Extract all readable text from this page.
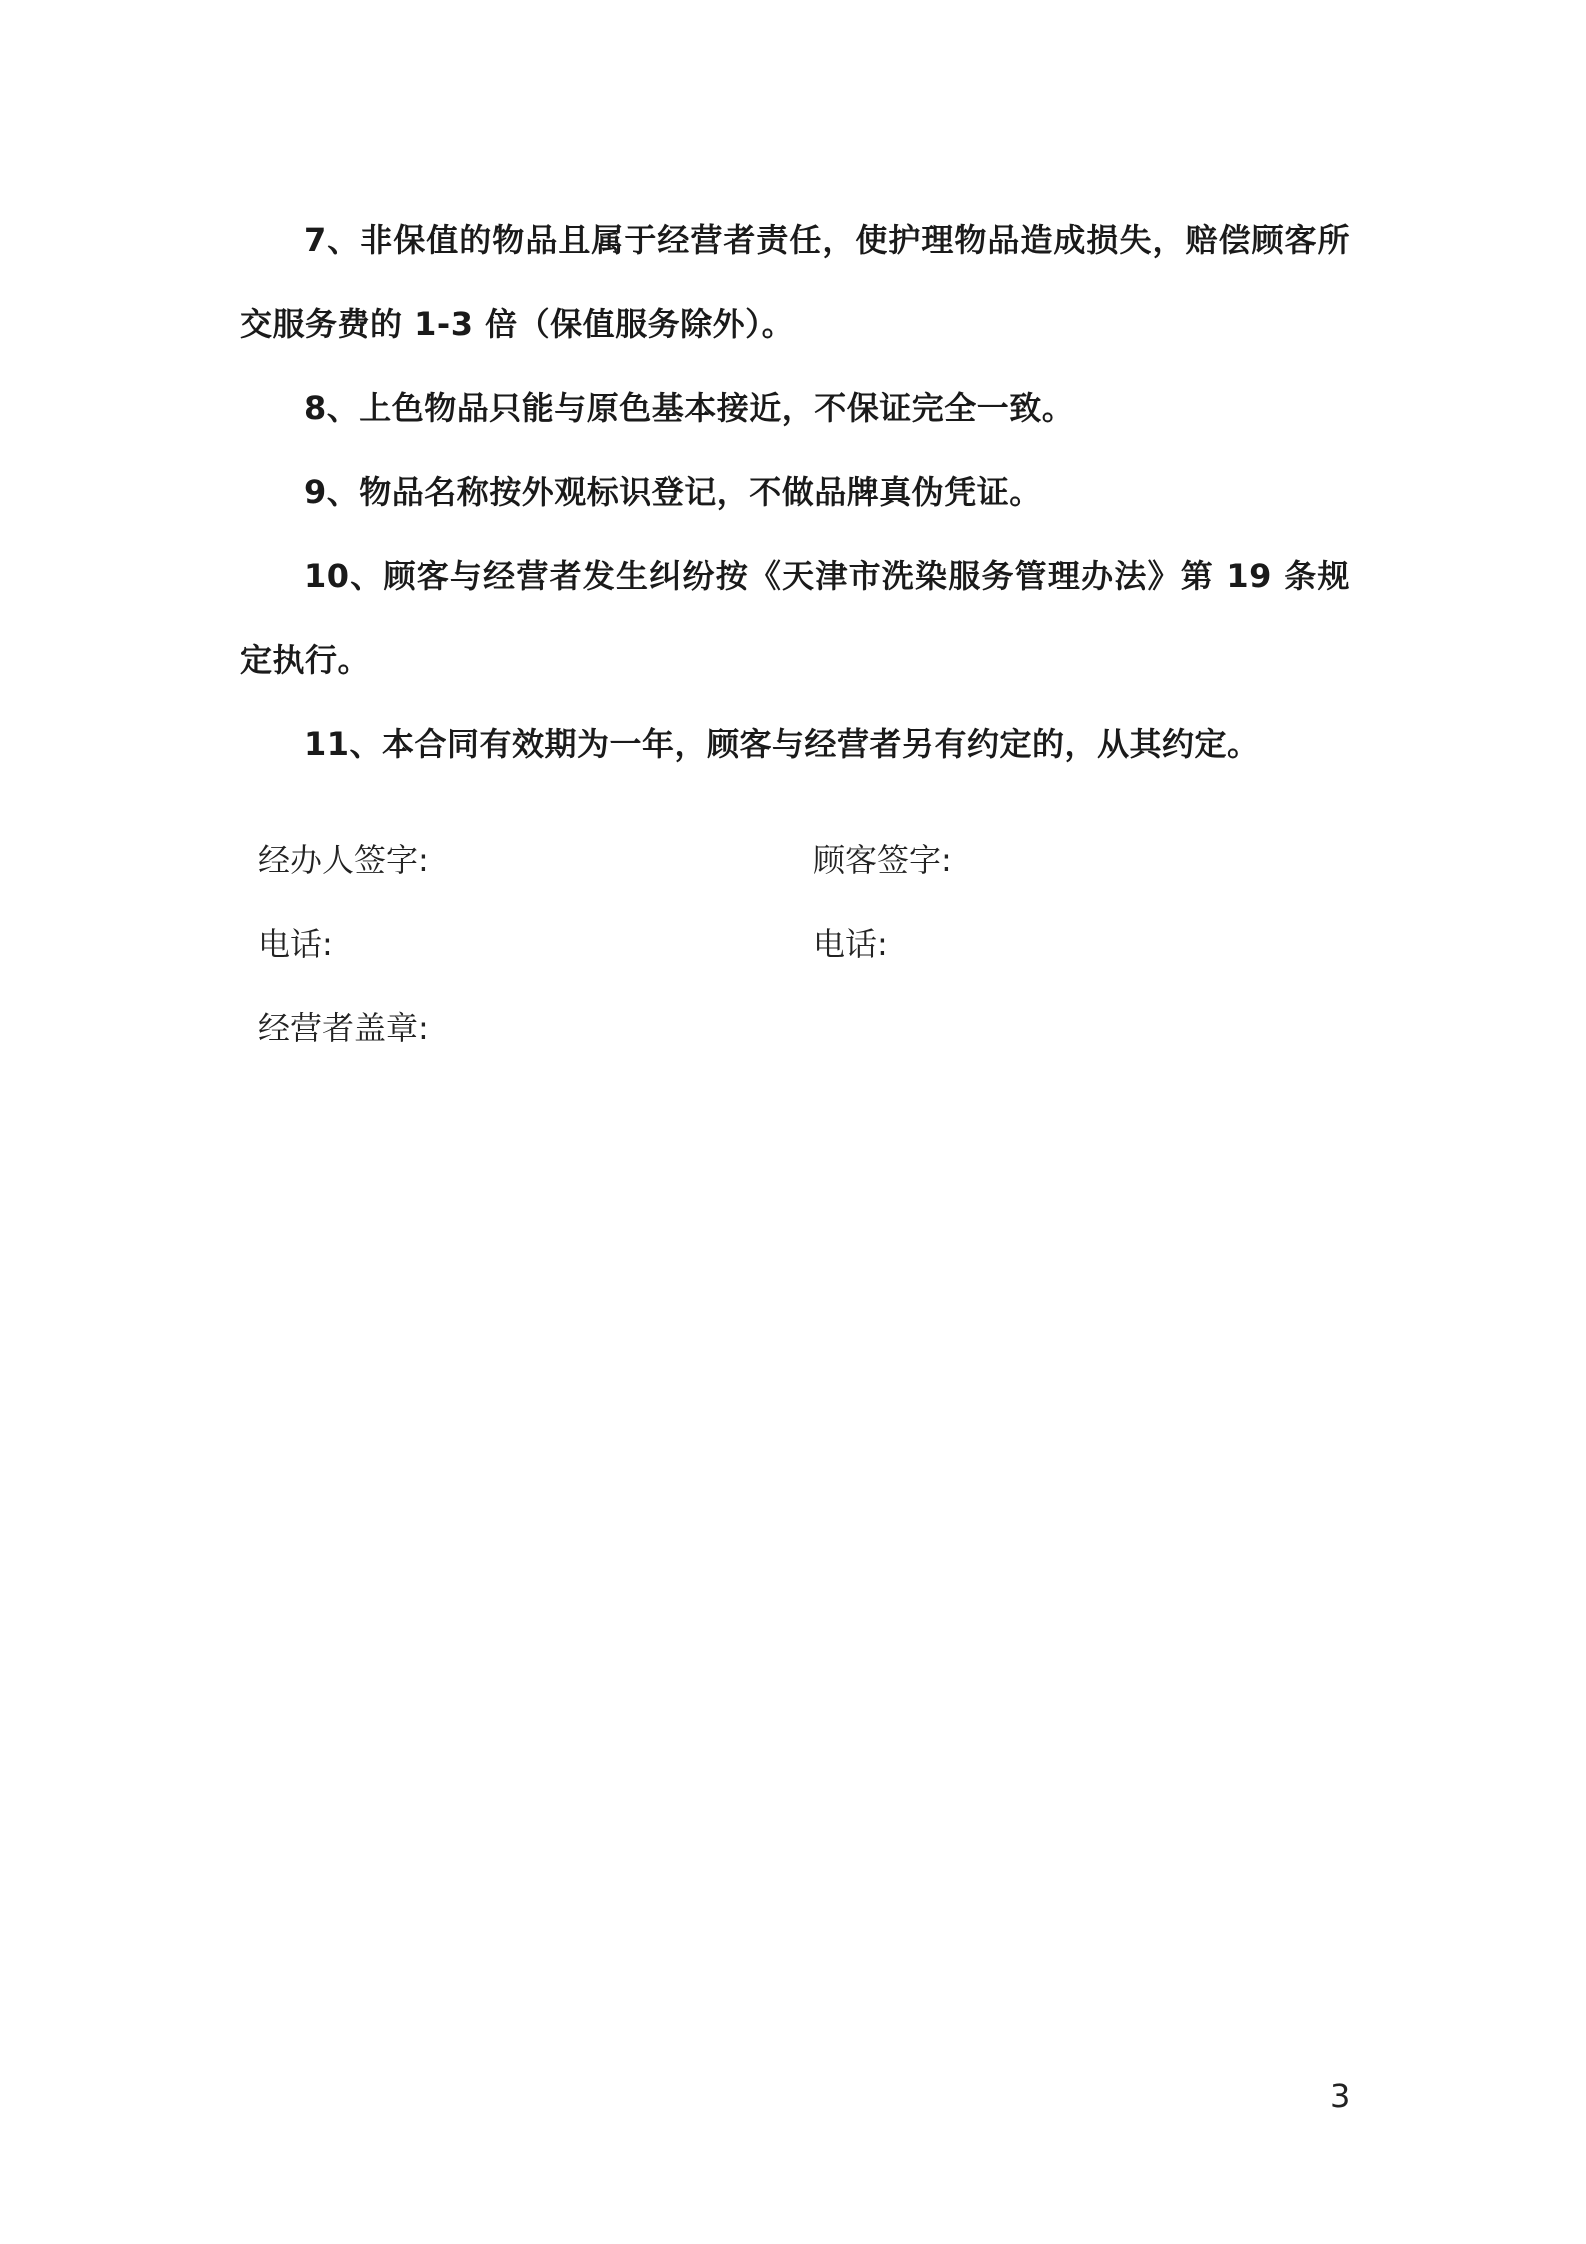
7、非保值的物品且属于经营者责任，使护理物品造成损失，赔偿顾客所交服务费的 1-3 倍（保值服务除外）。

8、上色物品只能与原色基本接近，不保证完全一致。

9、物品名称按外观标识登记，不做品牌真伪凭证。

10、顾客与经营者发生纠纷按《天津市洗染服务管理办法》第 19 条规定执行。

11、本合同有效期为一年，顾客与经营者另有约定的，从其约定。

经办人签字:	顾客签字:
电话:	电话:
经营者盖章:
3
